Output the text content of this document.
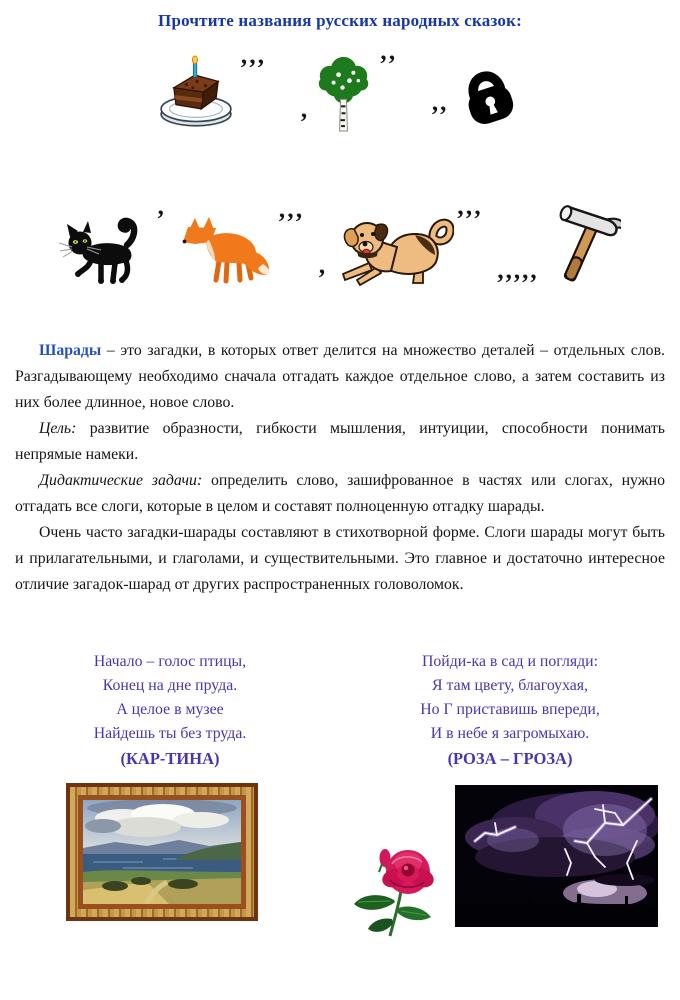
Прочтите названия русских народных сказок:
’’’
,
’’
,,
’	’’’
,
’’’
,,,,,

Шарады – это загадки, в которых ответ делится на множество деталей – отдельных слов. Разгадывающему необходимо сначала отгадать каждое отдельное слово, а затем составить из них более длинное, новое слово.

Цель: развитие образности, гибкости мышления, интуиции, способности понимать непрямые намеки.

Дидактические задачи: определить слово, зашифрованное в частях или слогах, нужно отгадать все слоги, которые в целом и составят полноценную отгадку шарады.

Очень часто загадки-шарады составляют в стихотворной форме. Слоги шарады могут быть и прилагательными, и глаголами, и существительными. Это главное и достаточно интересное отличие загадок-шарад от других распространенных головоломок.

Начало – голос птицы,
Конец на дне пруда.
А целое в музее
Найдешь ты без труда.
(КАР-ТИНА)
Пойди-ка в сад и погляди:
Я там цвету, благоухая,
Но Г приставишь впереди,
И в небе я загромыхаю.
(РОЗА – ГРОЗА)
